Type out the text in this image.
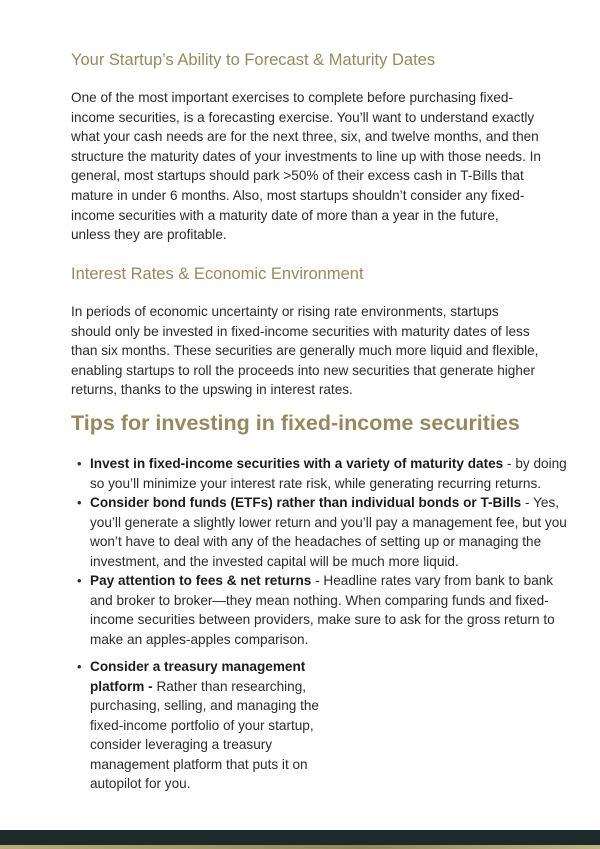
Your Startup’s Ability to Forecast & Maturity Dates

One of the most important exercises to complete before purchasing fixed-income securities, is a forecasting exercise. You’ll want to understand exactly what your cash needs are for the next three, six, and twelve months, and then structure the maturity dates of your investments to line up with those needs. In general, most startups should park >50% of their excess cash in T-Bills that mature in under 6 months. Also, most startups shouldn’t consider any fixed-income securities with a maturity date of more than a year in the future, unless they are profitable.

Interest Rates & Economic Environment

In periods of economic uncertainty or rising rate environments, startups should only be invested in fixed-income securities with maturity dates of less than six months. These securities are generally much more liquid and flexible, enabling startups to roll the proceeds into new securities that generate higher returns, thanks to the upswing in interest rates.

Tips for investing in fixed-income securities
• Invest in fixed-income securities with a variety of maturity dates - by doing so you’ll minimize your interest rate risk, while generating recurring returns.
• Consider bond funds (ETFs) rather than individual bonds or T-Bills - Yes, you’ll generate a slightly lower return and you’ll pay a management fee, but you won’t have to deal with any of the headaches of setting up or managing the investment, and the invested capital will be much more liquid.
• Pay attention to fees & net returns - Headline rates vary from bank to bank and broker to broker—they mean nothing. When comparing funds and fixed-income securities between providers, make sure to ask for the gross return to make an apples-apples comparison.
• Consider a treasury management platform - Rather than researching, purchasing, selling, and managing the fixed-income portfolio of your startup, consider leveraging a treasury management platform that puts it on autopilot for you.
